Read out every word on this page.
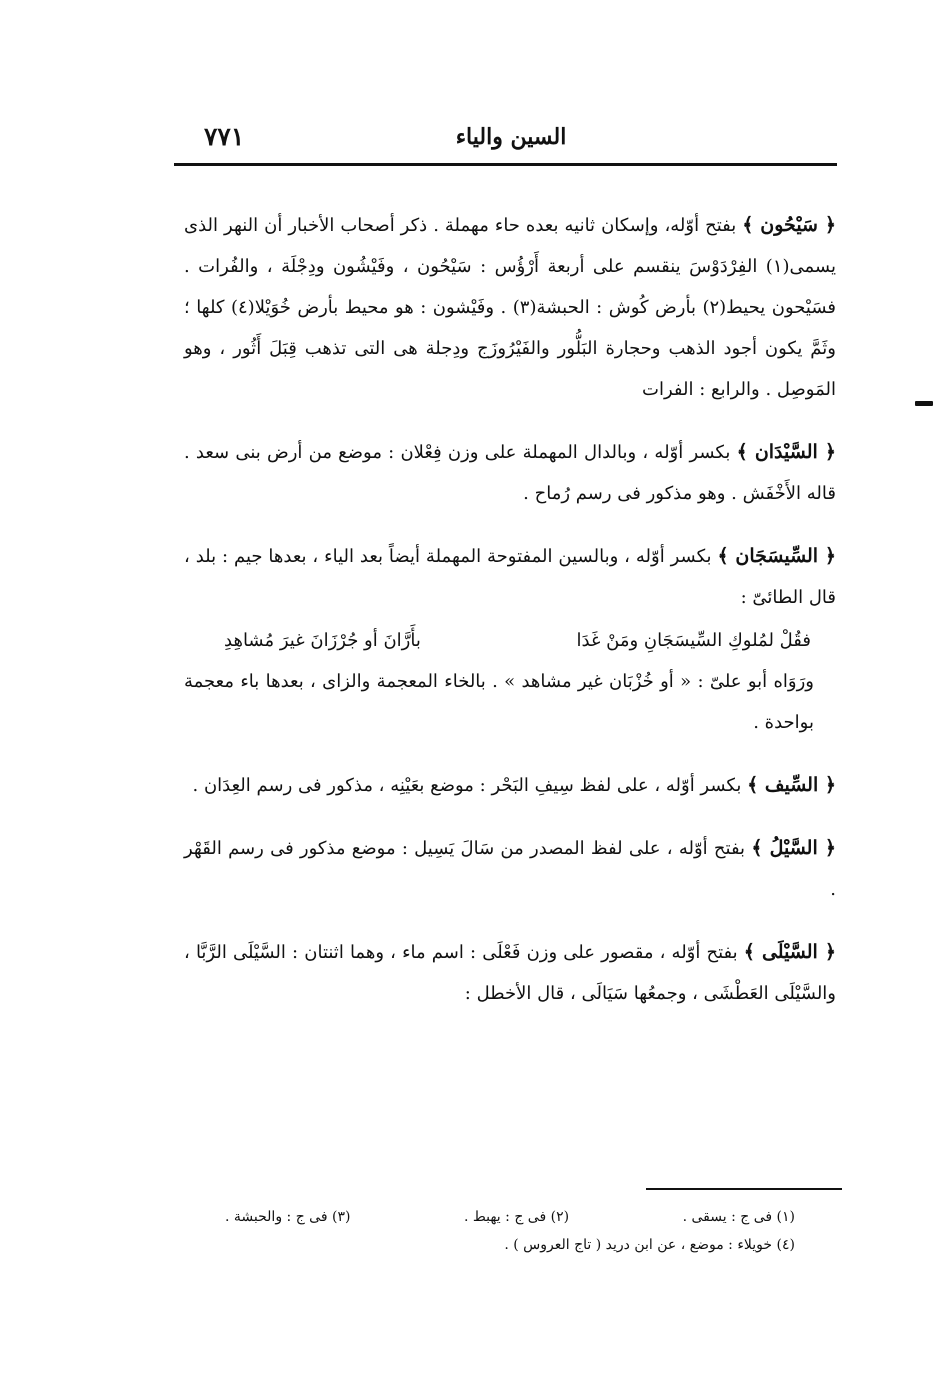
٧٧١	السين والياء

﴿ سَيْحُون ﴾ بفتح أوّله، وإسكان ثانيه بعده حاء مهملة . ذكر أصحاب الأخبار أن النهر الذى يسمى(١) الفِرْدَوْسَ ينقسم على أربعة أَرْؤُس : سَيْحُون ، وفَيْشُون ودِجْلَة ، والفُرات . فسَيْحون يحيط(٢) بأرض كُوش : الحبشة(٣) . وفَيْشون : هو محيط بأرض خُوَيْلا(٤) كلها ؛ وثَمَّ يكون أجود الذهب وحجارة البَلُّور والفَيْرُوزَج ودِجلة هى التى تذهب قِبَلَ أَثُور ، وهو المَوصِل . والرابع : الفرات

﴿ السَّيْدَان ﴾ بكسر أوّله ، وبالدال المهملة على وزن فِعْلان : موضع من أرض بنى سعد . قاله الأَخْفَش . وهو مذكور فى رسم رُماح .

﴿ السِّيسَجَان ﴾ بكسر أوّله ، وبالسين المفتوحة المهملة أيضاً بعد الياء ، بعدها جيم : بلد ، قال الطائىّ :
فقُلْ لمُلوكِ السِّيسَجَانِ ومَنْ غَدَا
بأَرَّانَ أو جُرْزَانَ غيرَ مُشاهِدِ
ورَوَاه أبو علىّ : « أو خُزْبَان غير مشاهد » . بالخاء المعجمة والزاى ، بعدها باء معجمة بواحدة .

﴿ السِّيف ﴾ بكسر أوّله ، على لفظ سِيفِ البَحْر : موضع بعَيْنِه ، مذكور فى رسم العِدَان .

﴿ السَّيْلُ ﴾ بفتح أوّله ، على لفظ المصدر من سَالَ يَسِيل : موضع مذكور فى رسم القَهْر .

﴿ السَّيْلَى ﴾ بفتح أوّله ، مقصور على وزن فَعْلَى : اسم ماء ، وهما اثنتان : السَّيْلَى الرَّبَّا ، والسَّيْلَى العَطْشَى ، وجمعُها سَيَالَى ، قال الأخطل :

(١) فى ج : يسقى .
(٢) فى ج : يهبط .
(٣) فى ج : والحبشة .
(٤) خويلاء : موضع ، عن ابن دريد ( تاج العروس ) .
